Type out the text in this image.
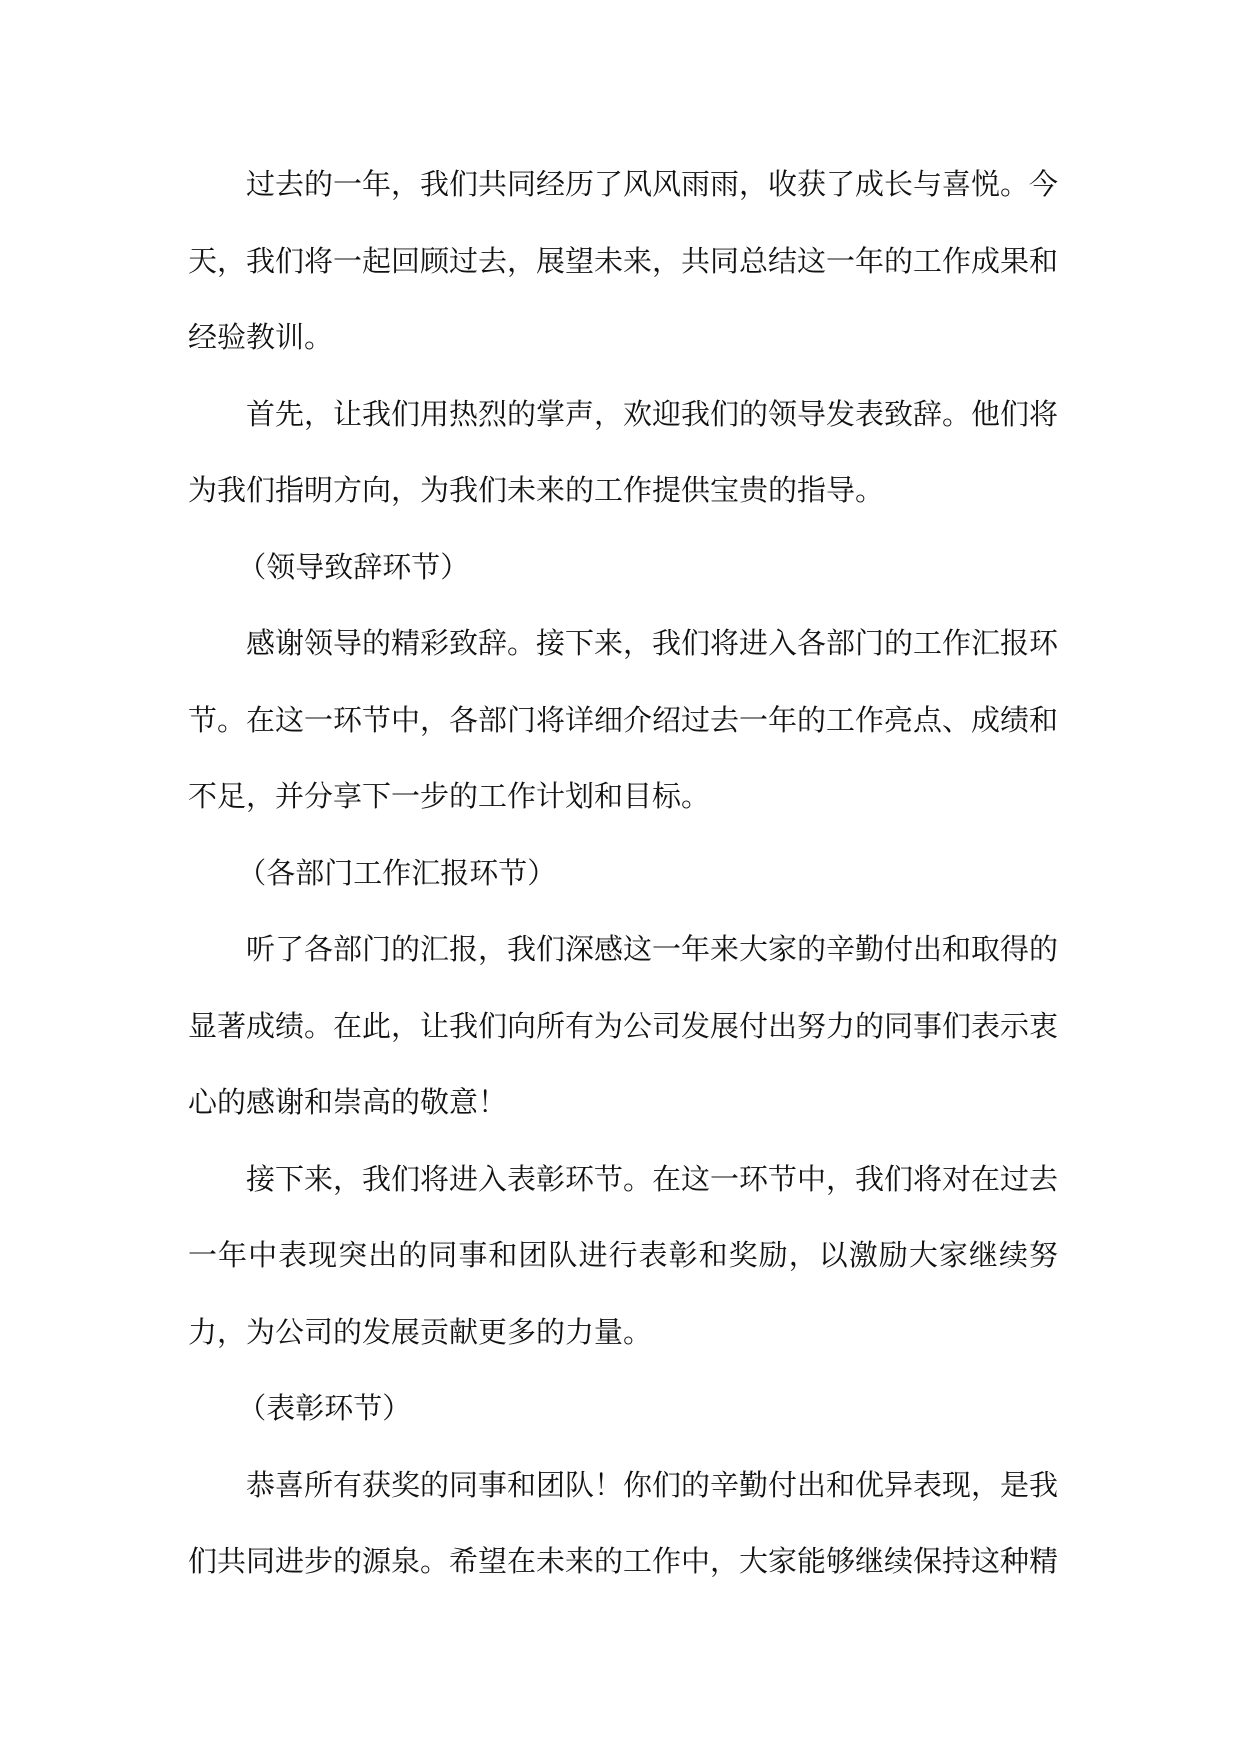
过去的一年，我们共同经历了风风雨雨，收获了成长与喜悦。今天，我们将一起回顾过去，展望未来，共同总结这一年的工作成果和经验教训。

首先，让我们用热烈的掌声，欢迎我们的领导发表致辞。他们将为我们指明方向，为我们未来的工作提供宝贵的指导。

（领导致辞环节）

感谢领导的精彩致辞。接下来，我们将进入各部门的工作汇报环节。在这一环节中，各部门将详细介绍过去一年的工作亮点、成绩和不足，并分享下一步的工作计划和目标。

（各部门工作汇报环节）

听了各部门的汇报，我们深感这一年来大家的辛勤付出和取得的显著成绩。在此，让我们向所有为公司发展付出努力的同事们表示衷心的感谢和崇高的敬意！

接下来，我们将进入表彰环节。在这一环节中，我们将对在过去一年中表现突出的同事和团队进行表彰和奖励，以激励大家继续努力，为公司的发展贡献更多的力量。

（表彰环节）

恭喜所有获奖的同事和团队！你们的辛勤付出和优异表现，是我们共同进步的源泉。希望在未来的工作中，大家能够继续保持这种精
